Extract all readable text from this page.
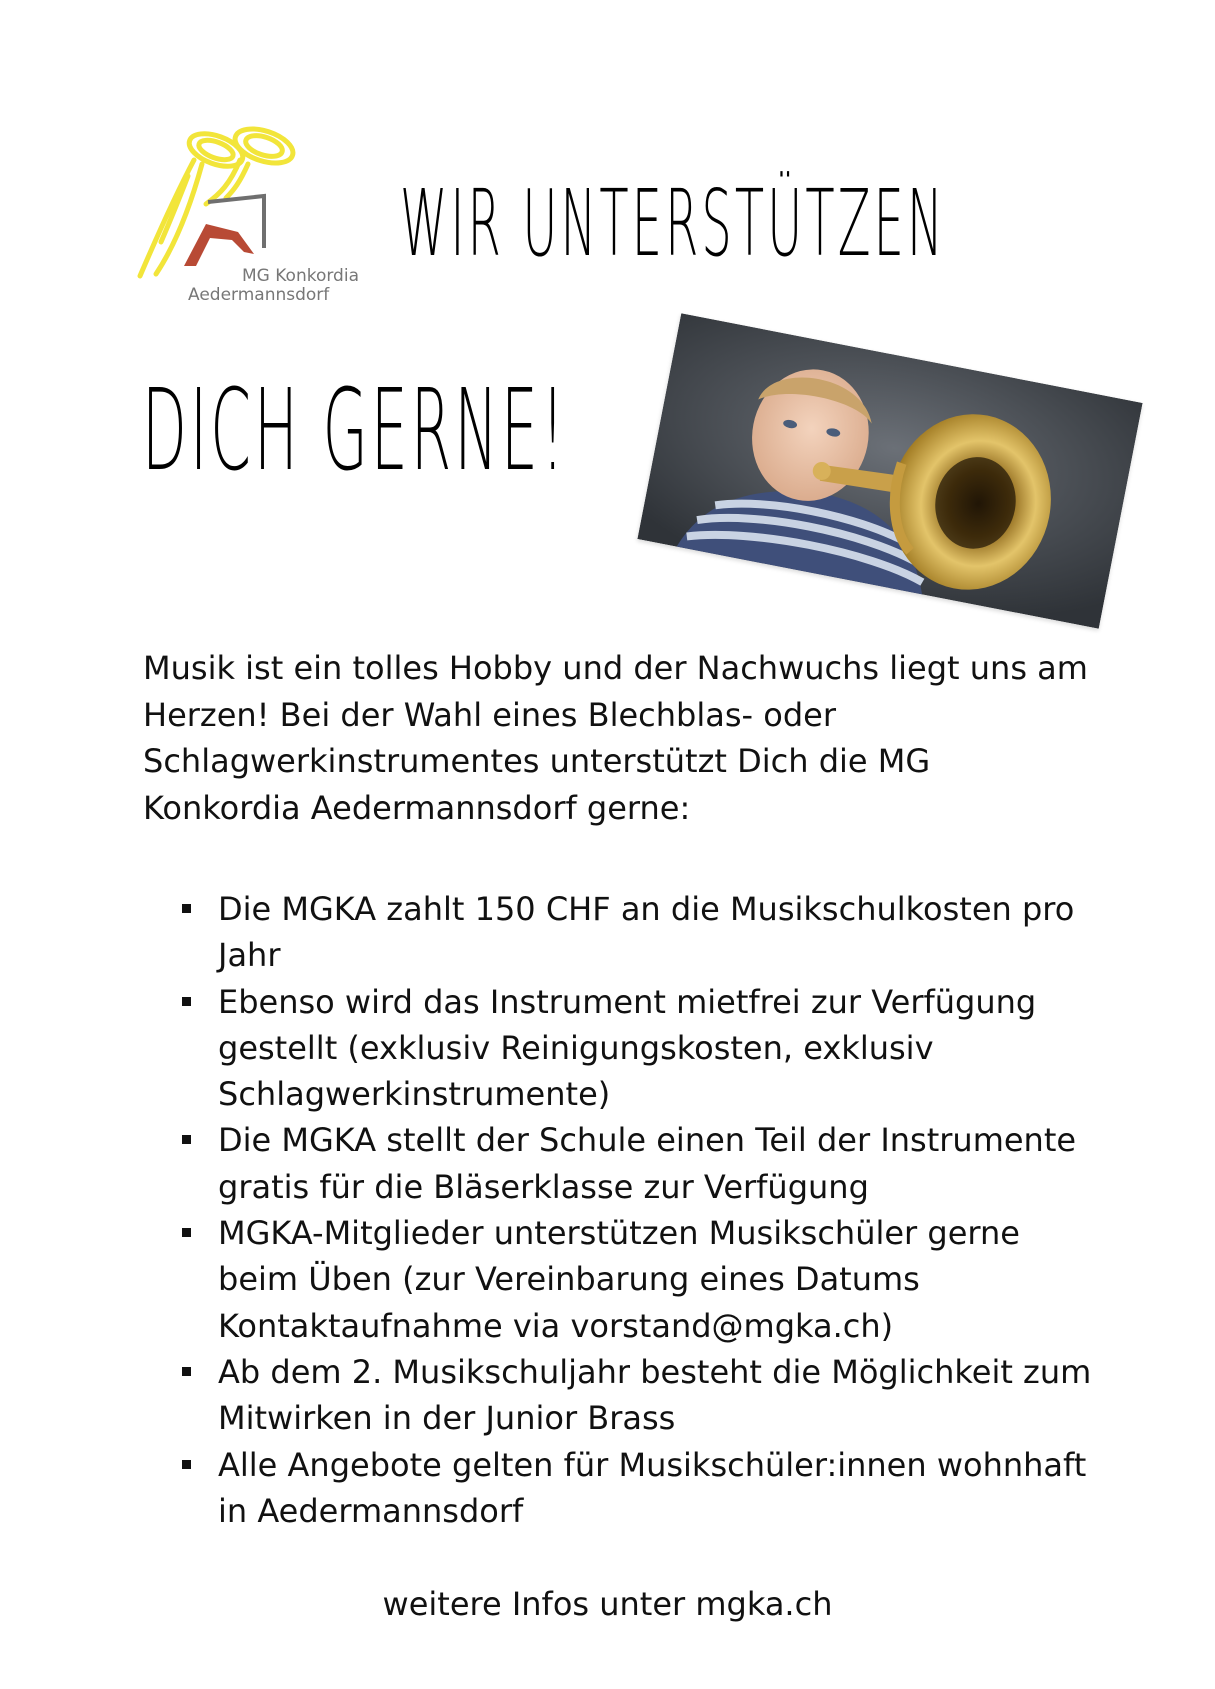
MG Konkordia
Aedermannsdorf
WIR UNTERSTÜTZEN
DICH GERNE!
Musik ist ein tolles Hobby und der Nachwuchs liegt uns am Herzen! Bei der Wahl eines Blechblas- oder Schlagwerkinstrumentes unterstützt Dich die MG Konkordia Aedermannsdorf gerne:
Die MGKA zahlt 150 CHF an die Musikschulkosten pro Jahr
Ebenso wird das Instrument mietfrei zur Verfügung gestellt (exklusiv Reinigungskosten, exklusiv Schlagwerkinstrumente)
Die MGKA stellt der Schule einen Teil der Instrumente gratis für die Bläserklasse zur Verfügung
MGKA-Mitglieder unterstützen Musikschüler gerne beim Üben (zur Vereinbarung eines Datums Kontaktaufnahme via vorstand@mgka.ch)
Ab dem 2. Musikschuljahr besteht die Möglichkeit zum Mitwirken in der Junior Brass
Alle Angebote gelten für Musikschüler:innen wohnhaft in Aedermannsdorf
weitere Infos unter mgka.ch
